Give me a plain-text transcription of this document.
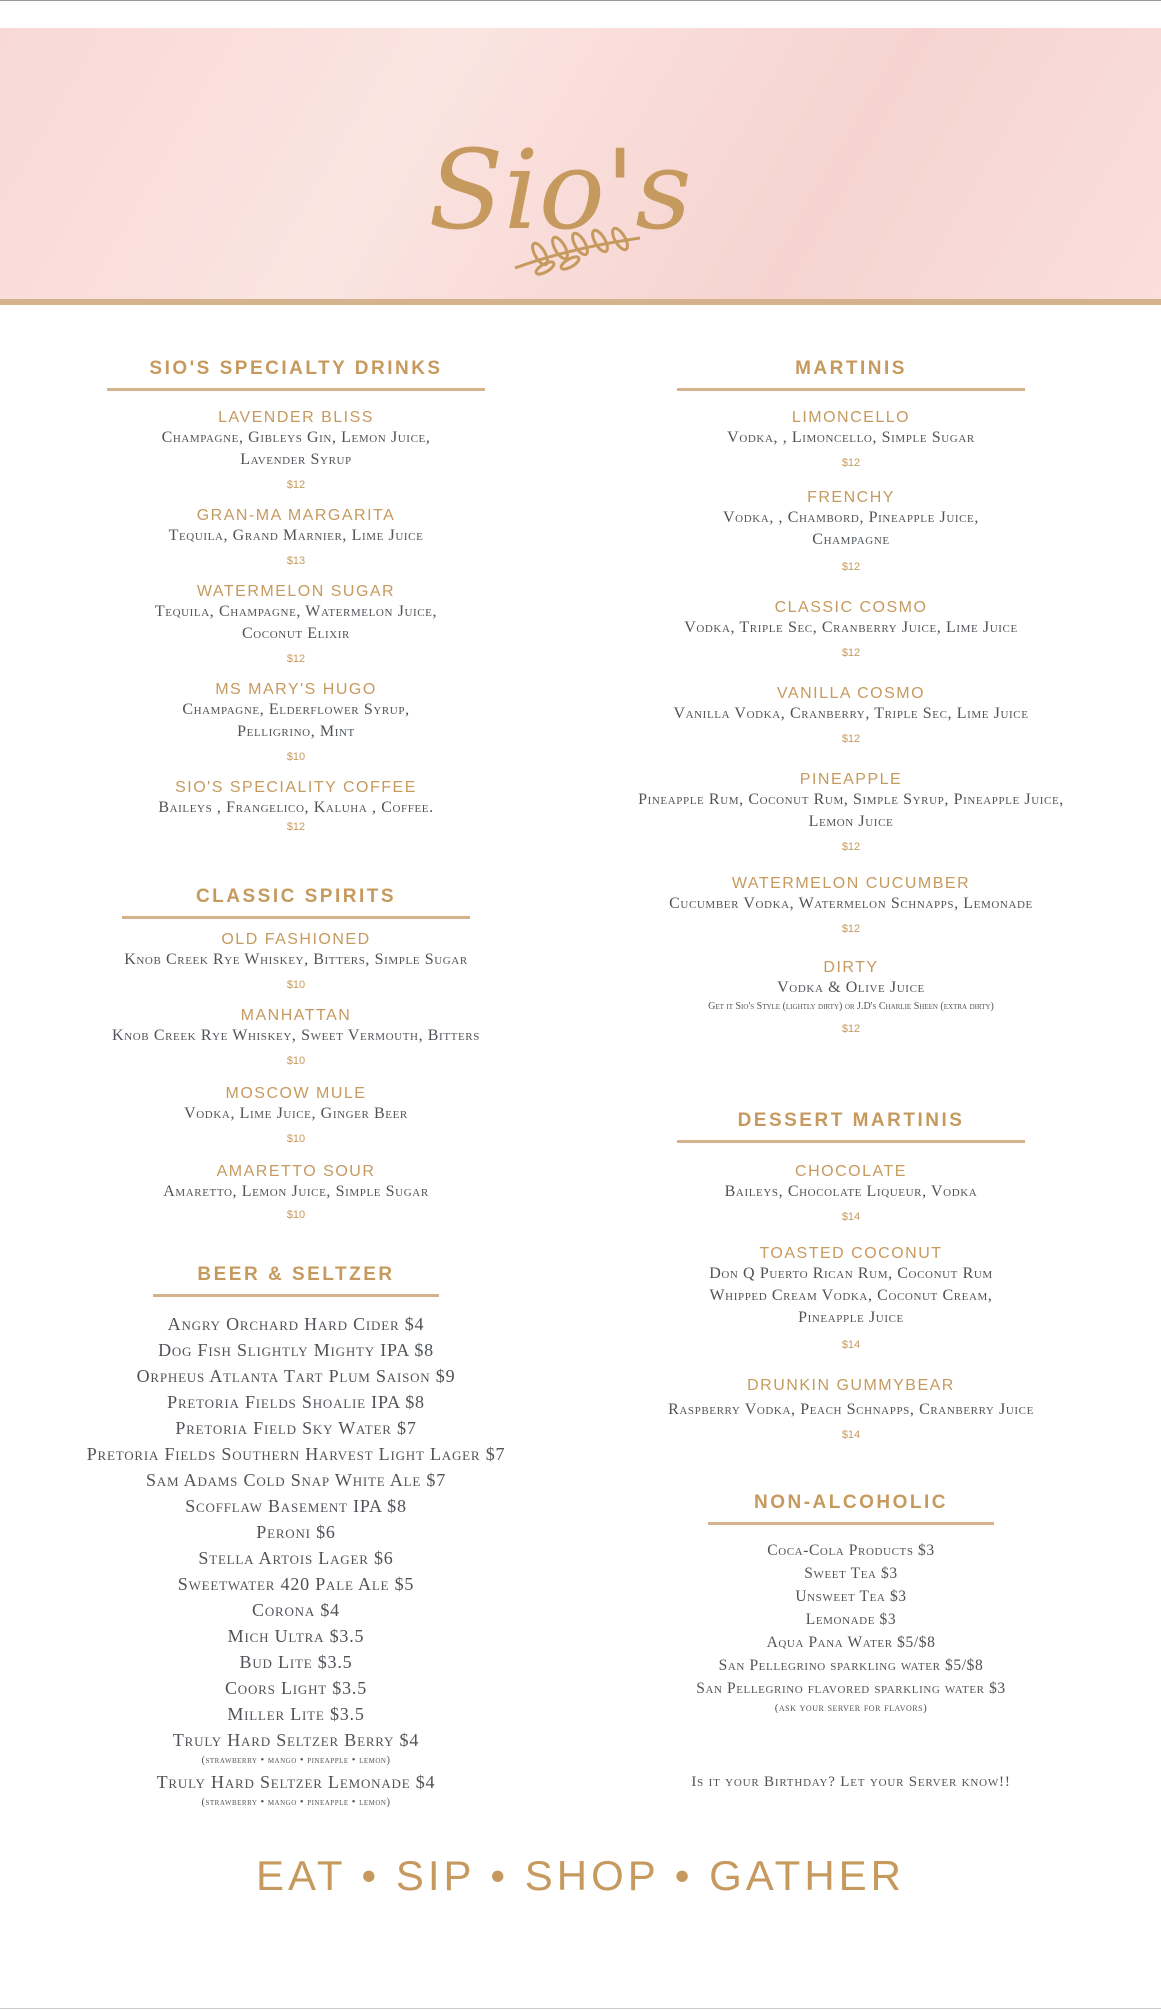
Sio's
SIO'S SPECIALTY DRINKS
LAVENDER BLISS
Champagne, Gibleys Gin, Lemon Juice, Lavender Syrup
$12
GRAN-MA MARGARITA
Tequila, Grand Marnier, Lime Juice
$13
WATERMELON SUGAR
Tequila, Champagne, Watermelon Juice, Coconut Elixir
$12
MS MARY'S HUGO
Champagne, Elderflower Syrup, Pelligrino, Mint
$10
SIO'S SPECIALITY COFFEE
Baileys , Frangelico, Kaluha , Coffee.
$12
CLASSIC SPIRITS
OLD FASHIONED
Knob Creek Rye Whiskey, Bitters, Simple Sugar
$10
MANHATTAN
Knob Creek Rye Whiskey, Sweet Vermouth, Bitters
$10
MOSCOW MULE
Vodka, Lime Juice, Ginger Beer
$10
AMARETTO SOUR
Amaretto, Lemon Juice, Simple Sugar
$10
BEER & SELTZER
Angry Orchard Hard Cider $4
Dog Fish Slightly Mighty IPA $8
Orpheus Atlanta Tart Plum Saison $9
Pretoria Fields Shoalie IPA $8
Pretoria Field Sky Water $7
Pretoria Fields Southern Harvest Light Lager $7
Sam Adams Cold Snap White Ale $7
Scofflaw Basement IPA $8
Peroni $6
Stella Artois Lager $6
Sweetwater 420 Pale Ale $5
Corona $4
Mich Ultra $3.5
Bud Lite $3.5
Coors Light $3.5
Miller Lite $3.5
Truly Hard Seltzer Berry $4
(strawberry • mango • pineapple • lemon)
Truly Hard Seltzer Lemonade $4
(strawberry • mango • pineapple • lemon)
MARTINIS
LIMONCELLO
Vodka, , Limoncello, Simple Sugar
$12
FRENCHY
Vodka, , Chambord, Pineapple Juice, Champagne
$12
CLASSIC COSMO
Vodka, Triple Sec, Cranberry Juice, Lime Juice
$12
VANILLA COSMO
Vanilla Vodka, Cranberry, Triple Sec, Lime Juice
$12
PINEAPPLE
Pineapple Rum, Coconut Rum, Simple Syrup, Pineapple Juice, Lemon Juice
$12
WATERMELON CUCUMBER
Cucumber Vodka, Watermelon Schnapps, Lemonade
$12
DIRTY
Vodka & Olive Juice
Get it Sio's Style (lightly dirty) or J.D's Charlie Sheen (extra dirty)
$12
DESSERT MARTINIS
CHOCOLATE
Baileys, Chocolate Liqueur, Vodka
$14
TOASTED COCONUT
Don Q Puerto Rican Rum, Coconut Rum Whipped Cream Vodka, Coconut Cream, Pineapple Juice
$14
DRUNKIN GUMMYBEAR
Raspberry Vodka, Peach Schnapps, Cranberry Juice
$14
NON-ALCOHOLIC
Coca-Cola Products $3
Sweet Tea $3
Unsweet Tea $3
Lemonade $3
Aqua Pana Water $5/$8
San Pellegrino sparkling water $5/$8
San Pellegrino flavored sparkling water $3
(ask your server for flavors)
Is it your Birthday? Let your Server know!!
EAT • SIP • SHOP • GATHER
